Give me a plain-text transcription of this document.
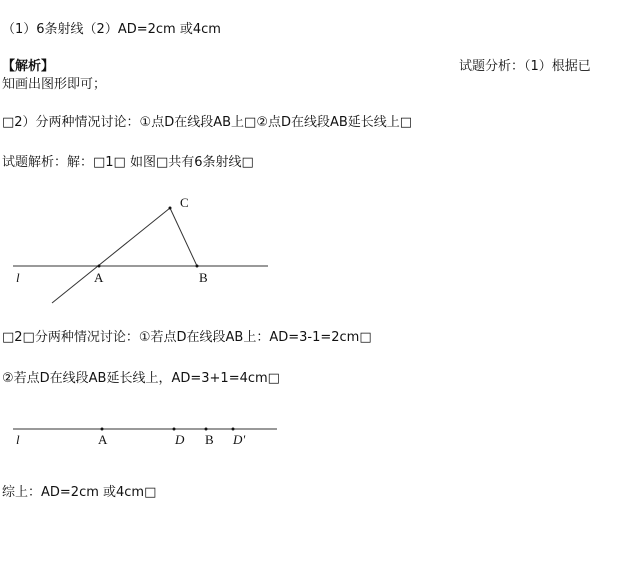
（1）6条射线（2）AD=2cm 或4cm
【解析】	试题分析：（1）根据已
知画出图形即可；
□2）分两种情况讨论：①点D在线段AB上□②点D在线段AB延长线上□
试题解析：解：□1□ 如图□共有6条射线□
C
A	B
l
l	A	D B D'
□2□分两种情况讨论：①若点D在线段AB上：AD=3-1=2cm□
②若点D在线段AB延长线上，AD=3+1=4cm□
综上：AD=2cm 或4cm□
